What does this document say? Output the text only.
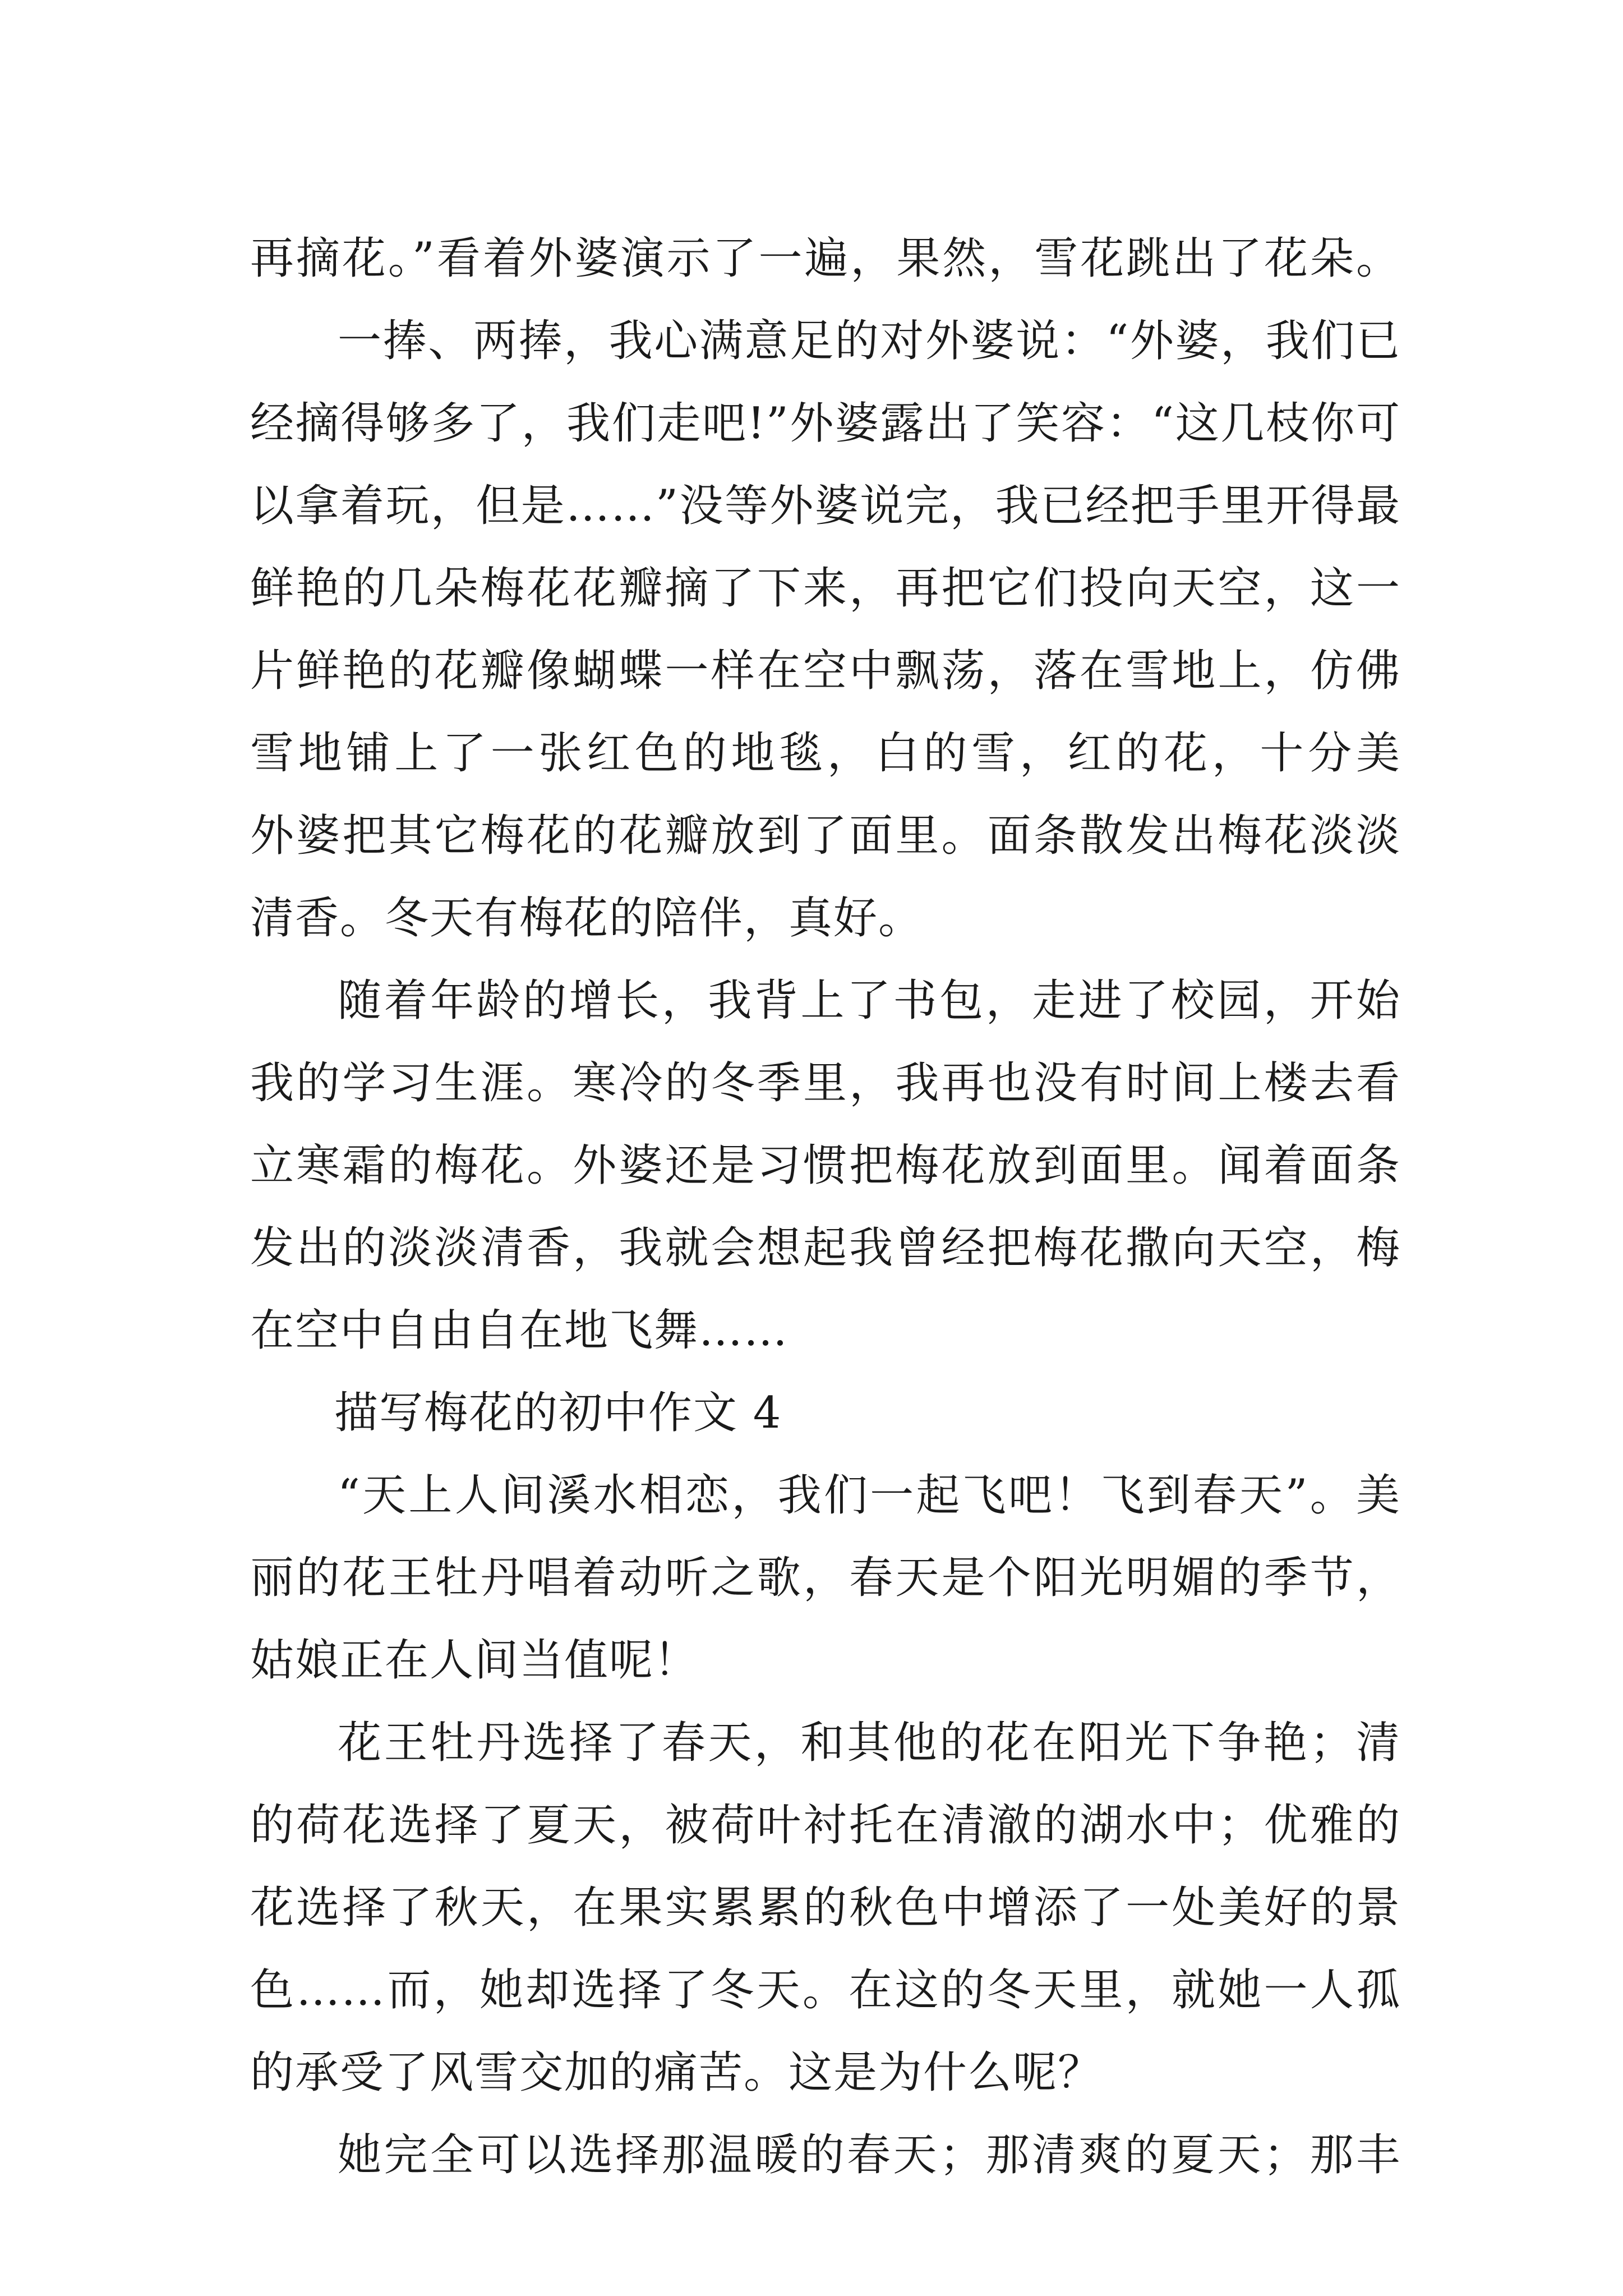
再摘花。”看着外婆演示了一遍，果然，雪花跳出了花朵。
一捧、两捧，我心满意足的对外婆说：“外婆，我们已
经摘得够多了，我们走吧!”外婆露出了笑容：“这几枝你可
以拿着玩，但是……”没等外婆说完，我已经把手里开得最
鲜艳的几朵梅花花瓣摘了下来，再把它们投向天空，这一
片鲜艳的花瓣像蝴蝶一样在空中飘荡，落在雪地上，仿佛
雪地铺上了一张红色的地毯，白的雪，红的花，十分美
外婆把其它梅花的花瓣放到了面里。面条散发出梅花淡淡
清香。冬天有梅花的陪伴，真好。
随着年龄的增长，我背上了书包，走进了校园，开始
我的学习生涯。寒冷的冬季里，我再也没有时间上楼去看
立寒霜的梅花。外婆还是习惯把梅花放到面里。闻着面条
发出的淡淡清香，我就会想起我曾经把梅花撒向天空，梅
在空中自由自在地飞舞……
描写梅花的初中作文 4
“天上人间溪水相恋，我们一起飞吧！飞到春天”。美
丽的花王牡丹唱着动听之歌，春天是个阳光明媚的季节，
姑娘正在人间当值呢！
花王牡丹选择了春天，和其他的花在阳光下争艳；清
的荷花选择了夏天，被荷叶衬托在清澈的湖水中；优雅的
花选择了秋天，在果实累累的秋色中增添了一处美好的景
色……而，她却选择了冬天。在这的冬天里，就她一人孤
的承受了风雪交加的痛苦。这是为什么呢？
她完全可以选择那温暖的春天；那清爽的夏天；那丰
